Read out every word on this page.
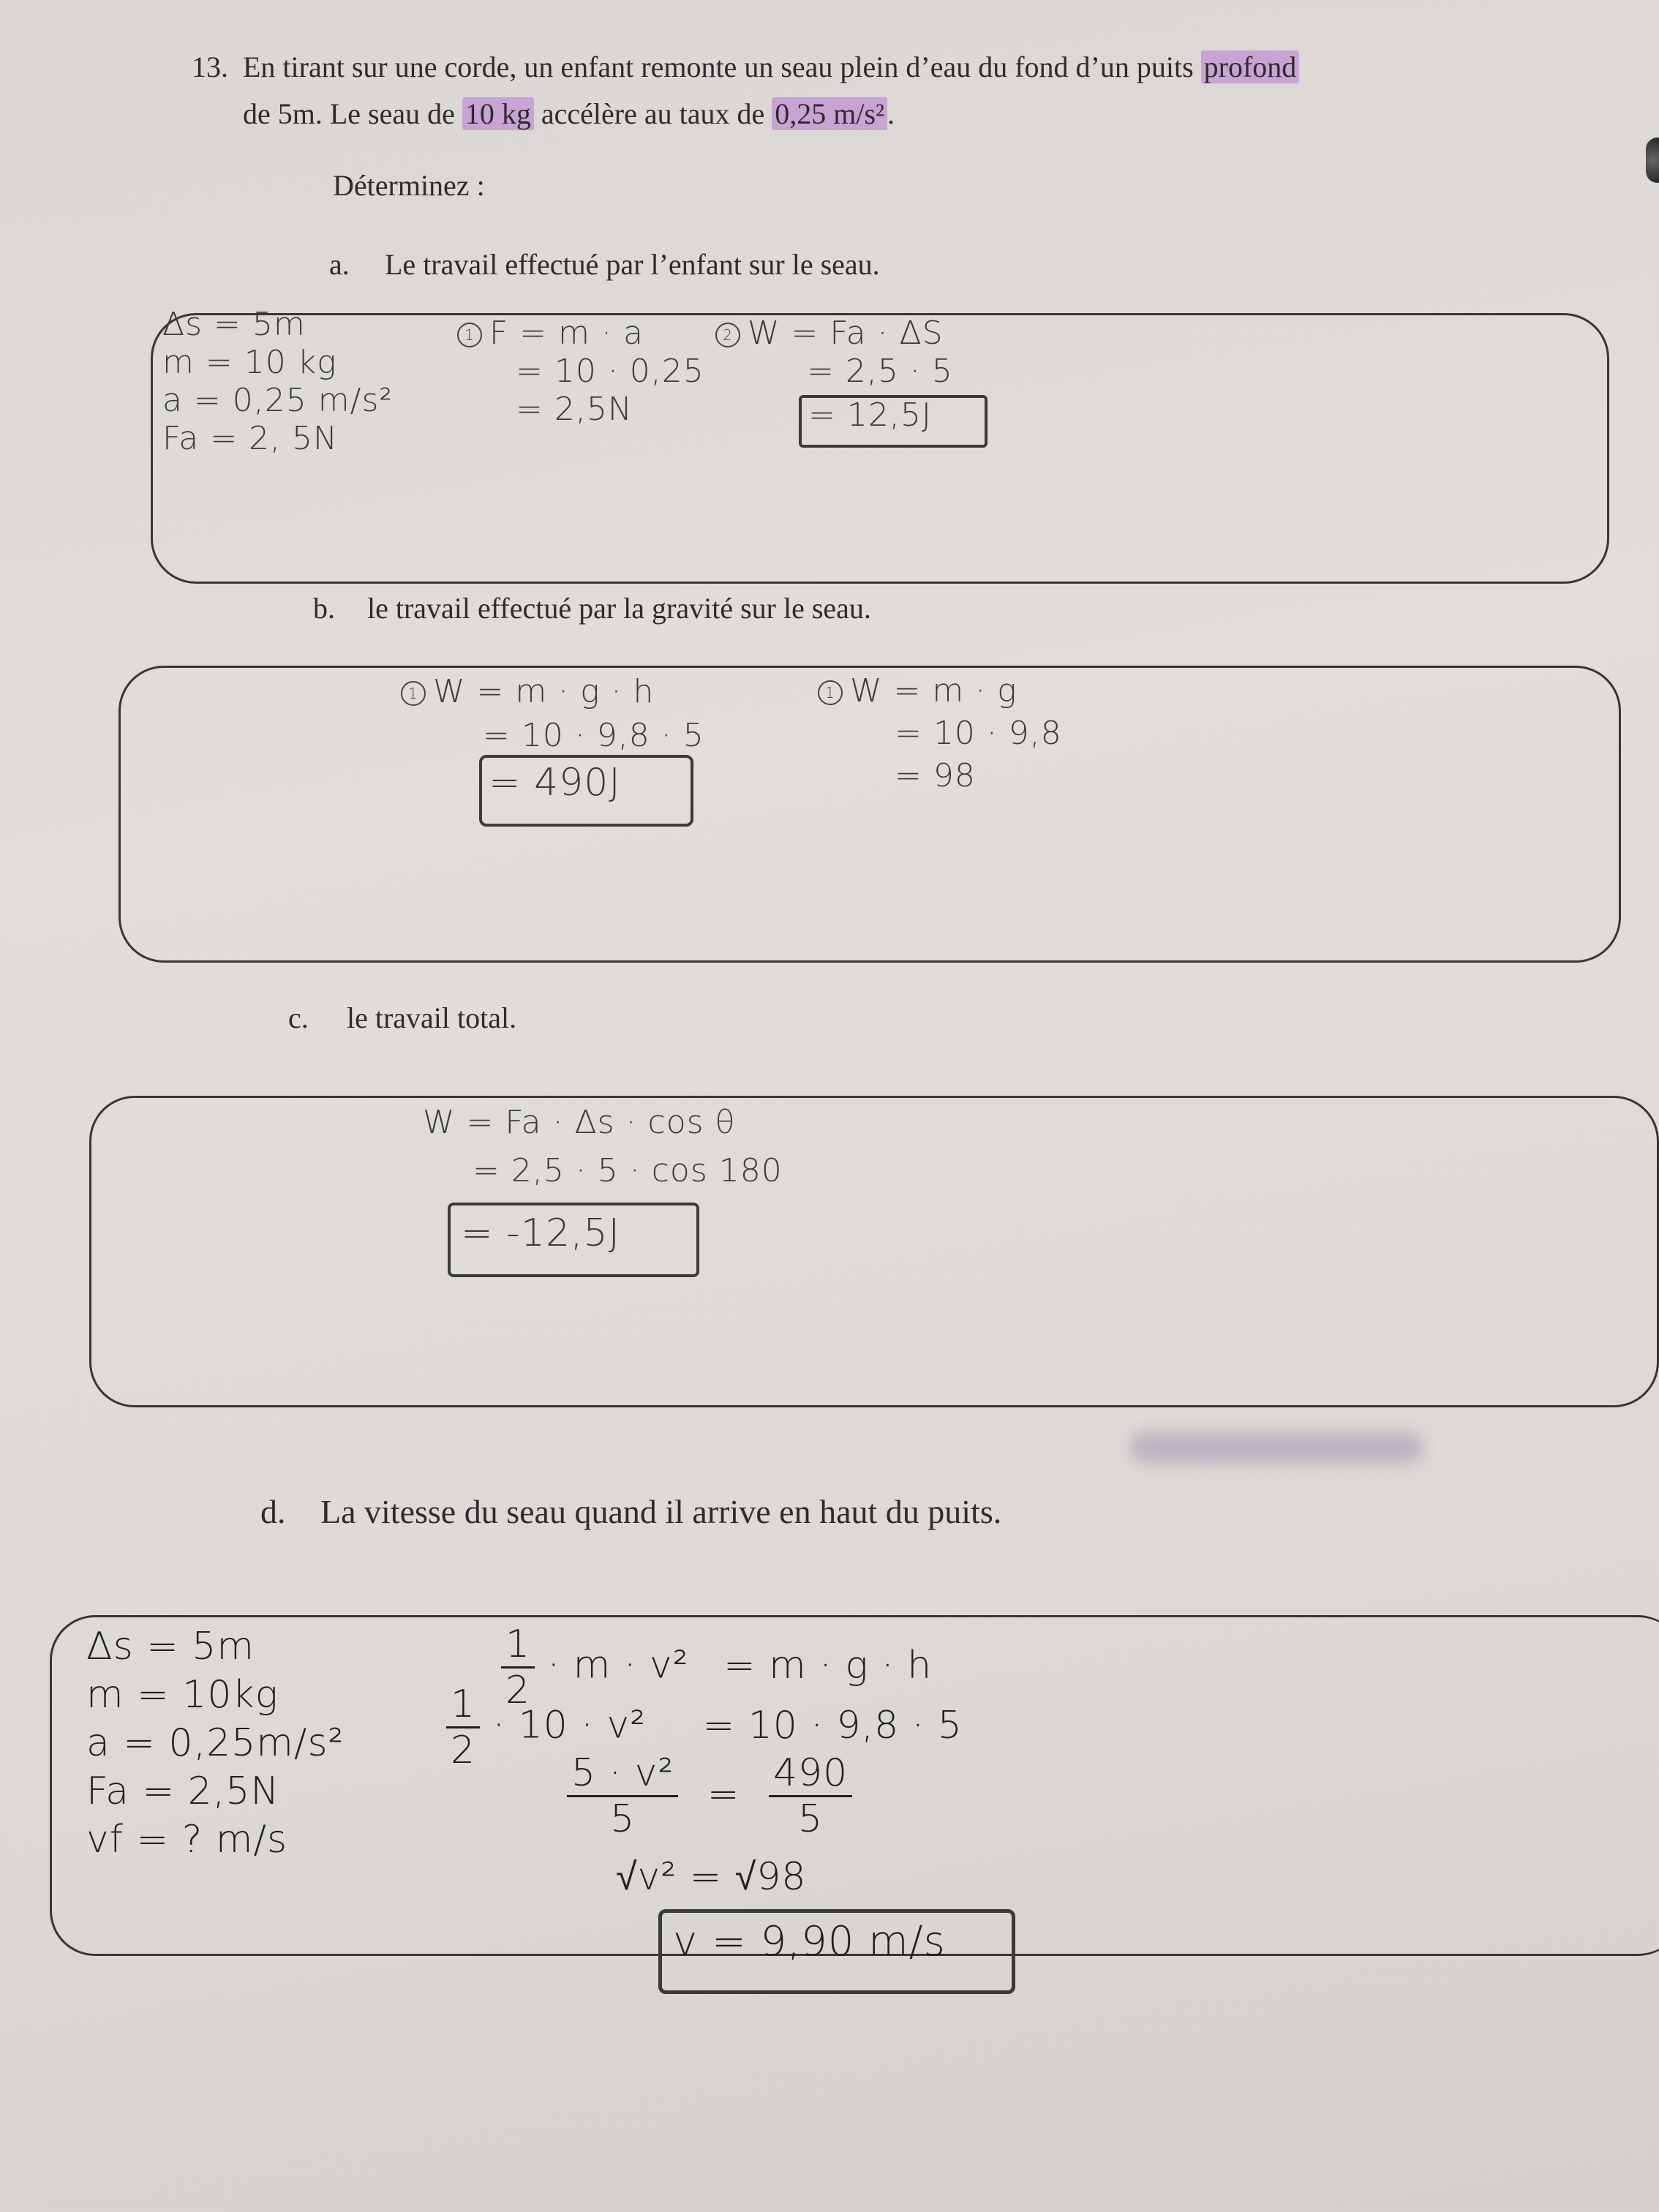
13. En tirant sur une corde, un enfant remonte un seau plein d’eau du fond d’un puits profond
de 5m. Le seau de 10 kg accélère au taux de 0,25 m/s² .
Déterminez :
a. Le travail effectué par l’enfant sur le seau.
Δs = 5m
m = 10 kg
a = 0,25 m/s²
Fa = 2, 5N
1 F = m · a
= 10 · 0,25
= 2,5N
2 W = Fa · ΔS
= 2,5 · 5
= 12,5J
b. le travail effectué par la gravité sur le seau.
1 W = m · g · h
= 10 · 9,8 · 5
= 490J
1 W = m · g
= 10 · 9,8
= 98
c. le travail total.
W = Fa · Δs · cos θ
= 2,5 · 5 · cos 180
= -12,5J
d. La vitesse du seau quand il arrive en haut du puits.
Δs = 5m
m = 10kg
a = 0,25m/s²
Fa = 2,5N
vf = ? m/s
$\frac{1}{2} \cdot m \cdot v^2 = m \cdot g \cdot h$
$\frac{1}{2} \cdot 10 \cdot v^2 = 10 \cdot 9,8 \cdot 5$
$\frac{\text{5 · v²}}{5} = \frac{490}{5}$
√v² = √98
v = 9,90 m/s
